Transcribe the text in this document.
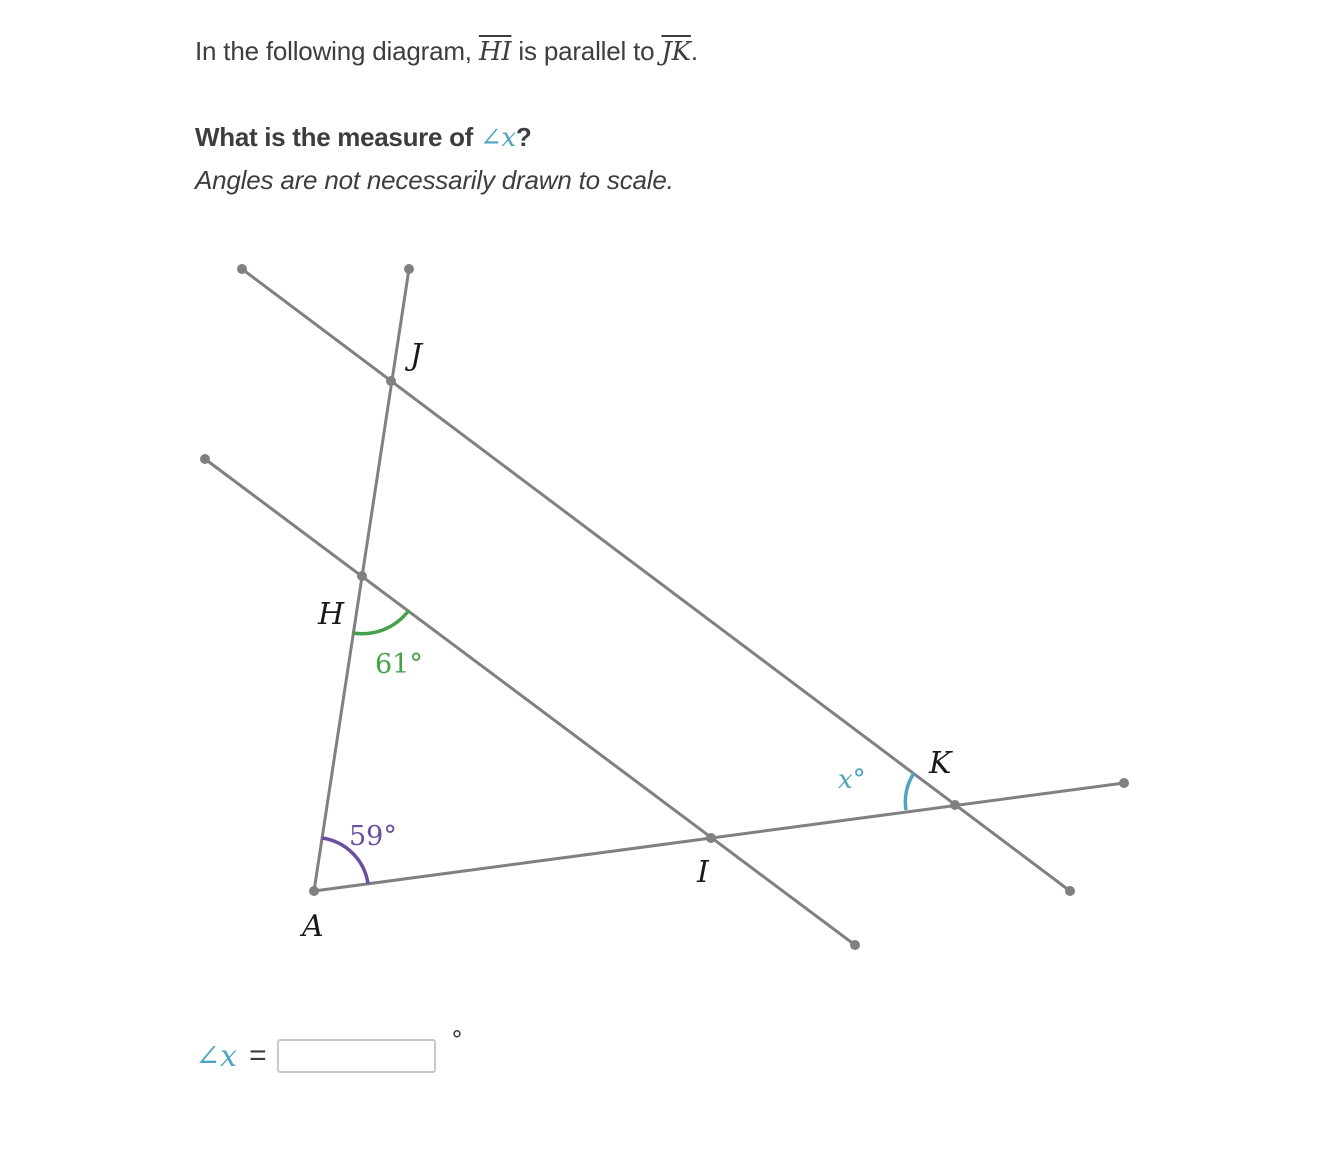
In the following diagram, $\overline{HI}$ is parallel to $\overline{JK}$.
What is the measure of ∠x?
Angles are not necessarily drawn to scale.
J
H
K
I
A
61°
59°
x°
∠x =	°
